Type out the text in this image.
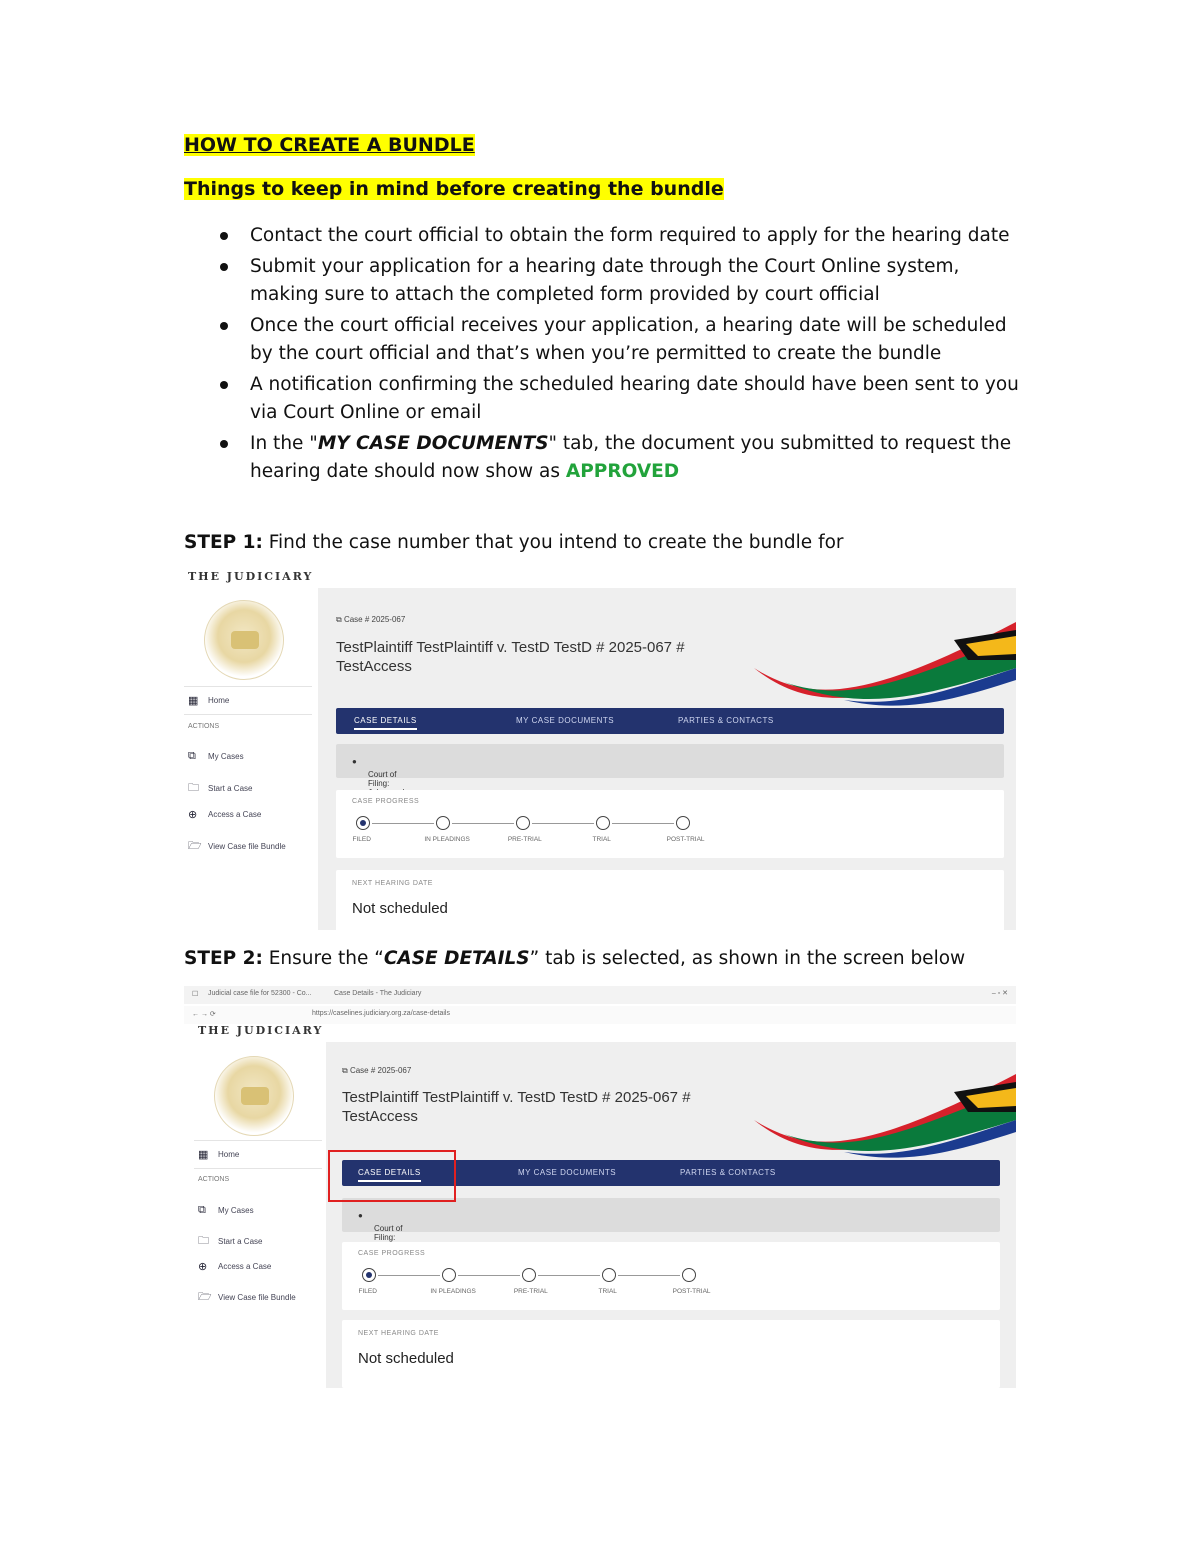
HOW TO CREATE A BUNDLE
Things to keep in mind before creating the bundle
Contact the court official to obtain the form required to apply for the hearing date
Submit your application for a hearing date through the Court Online system, making sure to attach the completed form provided by court official
Once the court official receives your application, a hearing date will be scheduled by the court official and that’s when you’re permitted to create the bundle
A notification confirming the scheduled hearing date should have been sent to you via Court Online or email
In the "MY CASE DOCUMENTS" tab, the document you submitted to request the hearing date should now show as APPROVED
STEP 1: Find the case number that you intend to create the bundle for
THE JUDICIARY
▦	Home
ACTIONS
⧉	My Cases
🗀	Start a Case
⊕	Access a Case
🗁 View Case file Bundle
⧉ Case # 2025-067
TestPlaintiff TestPlaintiff v. TestD TestD # 2025-067 # TestAccess
CASE DETAILS	MY CASE DOCUMENTS	PARTIES & CONTACTS
●
Court of Filing:
CASE PROGRESS
FILED	IN PLEADINGS	PRE-TRIAL	TRIAL	POST-TRIAL
NEXT HEARING DATE
Not scheduled
STEP 2: Ensure the “CASE DETAILS” tab is selected, as shown in the screen below
☐ Judicial case file for 52300 - Co...	Case Details - The Judiciary	– ▫ ✕
← → ⟳	https://caselines.judiciary.org.za/case-details
THE JUDICIARY
▦	Home
ACTIONS
⧉	My Cases
🗀	Start a Case
⊕	Access a Case
🗁 View Case file Bundle
⧉ Case # 2025-067
TestPlaintiff TestPlaintiff v. TestD TestD # 2025-067 # TestAccess
CASE DETAILS	MY CASE DOCUMENTS	PARTIES & CONTACTS
●
Court of Filing:
CASE PROGRESS
FILED	IN PLEADINGS	PRE-TRIAL	TRIAL	POST-TRIAL
NEXT HEARING DATE
Not scheduled
